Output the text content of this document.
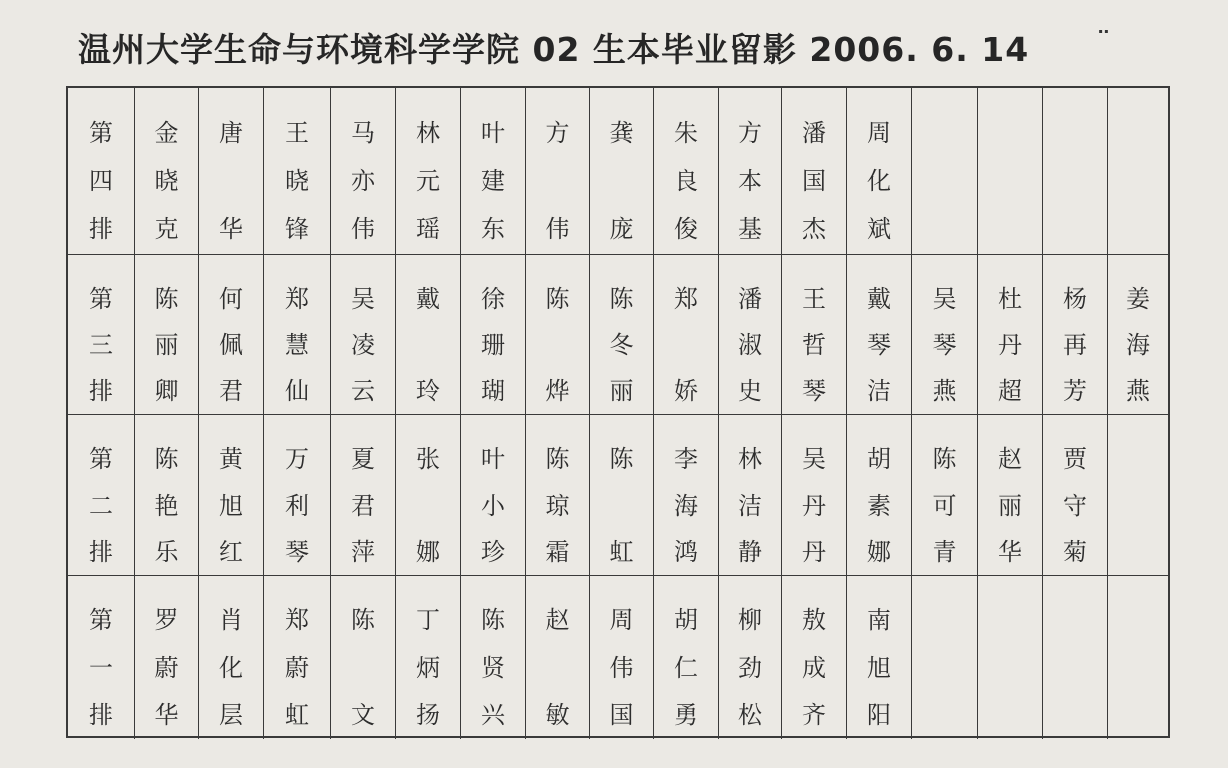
温州大学生命与环境科学学院 02 生本毕业留影 2006. 6. 14 ¨
第
四
排
金
晓
克
唐
华
王
晓
锋
马
亦
伟
林
元
瑶
叶
建
东
方
伟
龚
庞
朱
良
俊
方
本
基
潘
国
杰
周
化
斌
第
三
排
陈
丽
卿
何
佩
君
郑
慧
仙
吴
凌
云
戴
玲
徐
珊
瑚
陈
烨
陈
冬
丽
郑
娇
潘
淑
史
王
哲
琴
戴
琴
洁
吴
琴
燕
杜
丹
超
杨
再
芳
姜
海
燕
第
二
排
陈
艳
乐
黄
旭
红
万
利
琴
夏
君
萍
张
娜
叶
小
珍
陈
琼
霜
陈
虹
李
海
鸿
林
洁
静
吴
丹
丹
胡
素
娜
陈
可
青
赵
丽
华
贾
守
菊
第
一
排
罗
蔚
华
肖
化
层
郑
蔚
虹
陈
文
丁
炳
扬
陈
贤
兴
赵
敏
周
伟
国
胡
仁
勇
柳
劲
松
敖
成
齐
南
旭
阳
